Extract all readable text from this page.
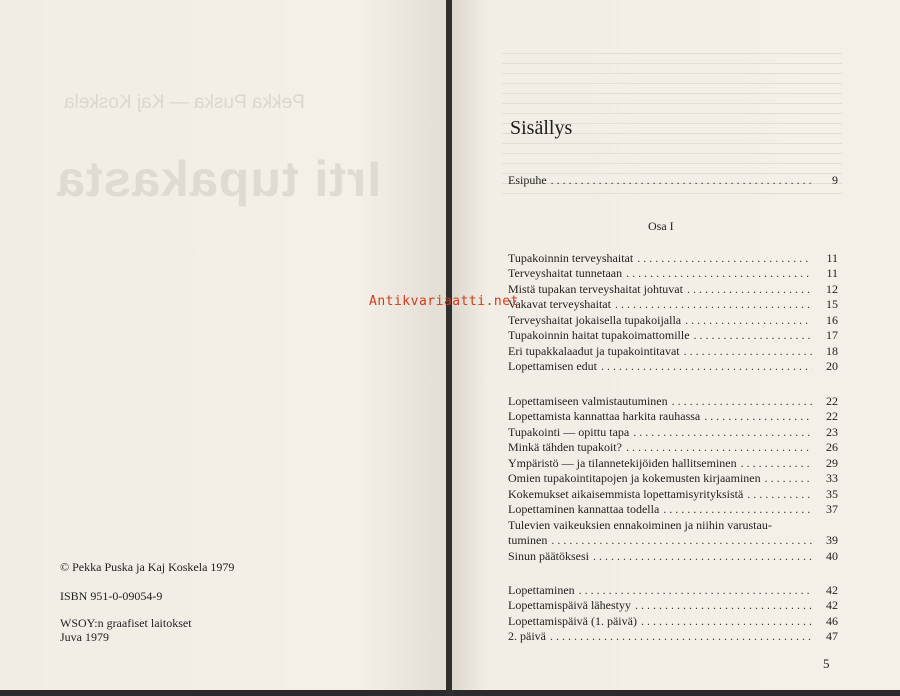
Pekka Puska — Kaj Koskela
Irti tupakasta
© Pekka Puska ja Kaj Koskela 1979
ISBN 951-0-09054-9
WSOY:n graafiset laitokset
Juva 1979
Sisällys
Esipuhe . . .	9
Osa I
Tupakoinnin terveyshaitat . . .	11
Terveyshaitat tunnetaan . . .	11
Mistä tupakan terveyshaitat johtuvat . . .	12
Vakavat terveyshaitat . . .	15
Terveyshaitat jokaisella tupakoijalla . . .	16
Tupakoinnin haitat tupakoimattomille . . .	17
Eri tupakkalaadut ja tupakointitavat . . .	18
Lopettamisen edut . . .	20
Lopettamiseen valmistautuminen . . .	22
Lopettamista kannattaa harkita rauhassa . . .	22
Tupakointi — opittu tapa . . .	23
Minkä tähden tupakoit? . . .	26
Ympäristö — ja tilannetekijöiden hallitseminen . . .	29
Omien tupakointitapojen ja kokemusten kirjaaminen . . .	33
Kokemukset aikaisemmista lopettamisyrityksistä . . .	35
Lopettaminen kannattaa todella . . .	37
Tulevien vaikeuksien ennakoiminen ja niihin varustau-
tuminen . . .	39
Sinun päätöksesi . . .	40
Lopettaminen . . .	42
Lopettamispäivä lähestyy . . .	42
Lopettamispäivä (1. päivä) . . .	46
2. päivä . . .	47
5
Antikvariaatti.net
